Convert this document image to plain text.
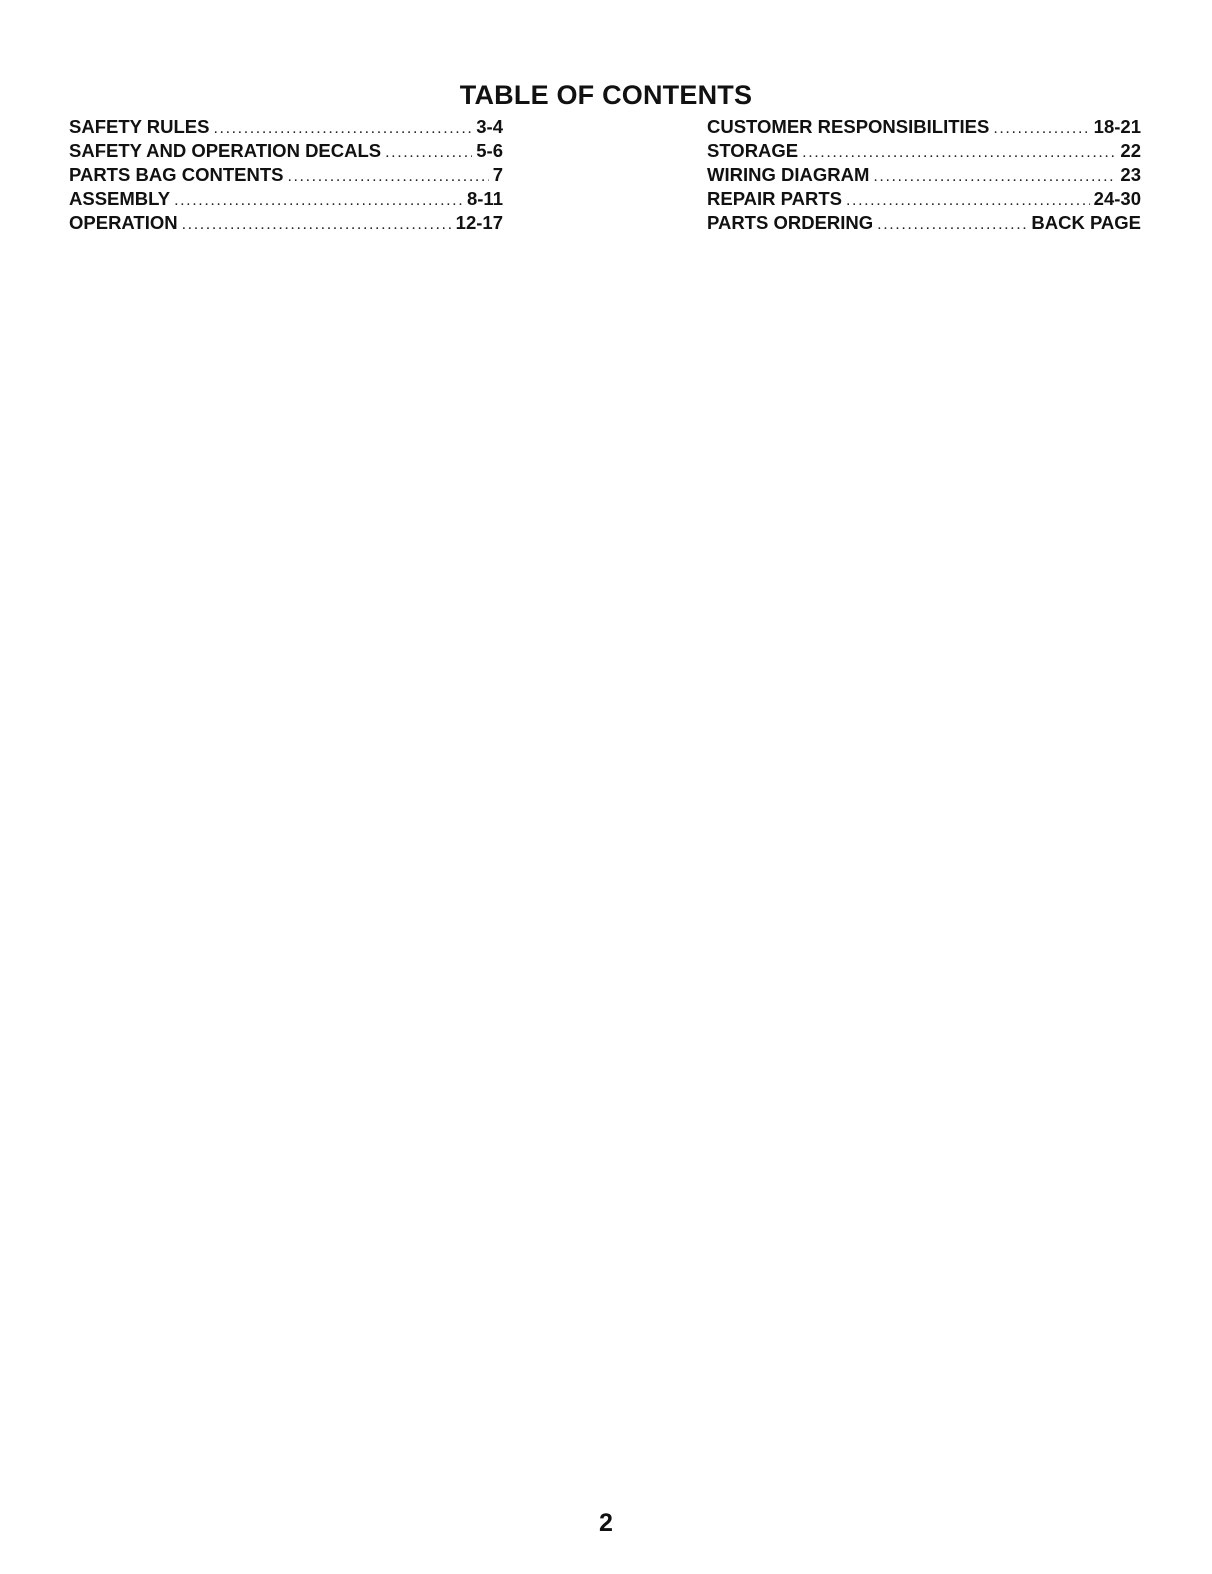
TABLE OF CONTENTS
SAFETY RULES .....	3-4
SAFETY AND OPERATION DECALS .....	5-6
PARTS BAG CONTENTS .....	7
ASSEMBLY .....	8-11
OPERATION .....	12-17
CUSTOMER RESPONSIBILITIES .....	18-21
STORAGE .....	22
WIRING DIAGRAM .....	23
REPAIR PARTS .....	24-30
PARTS ORDERING .....	BACK PAGE
2
